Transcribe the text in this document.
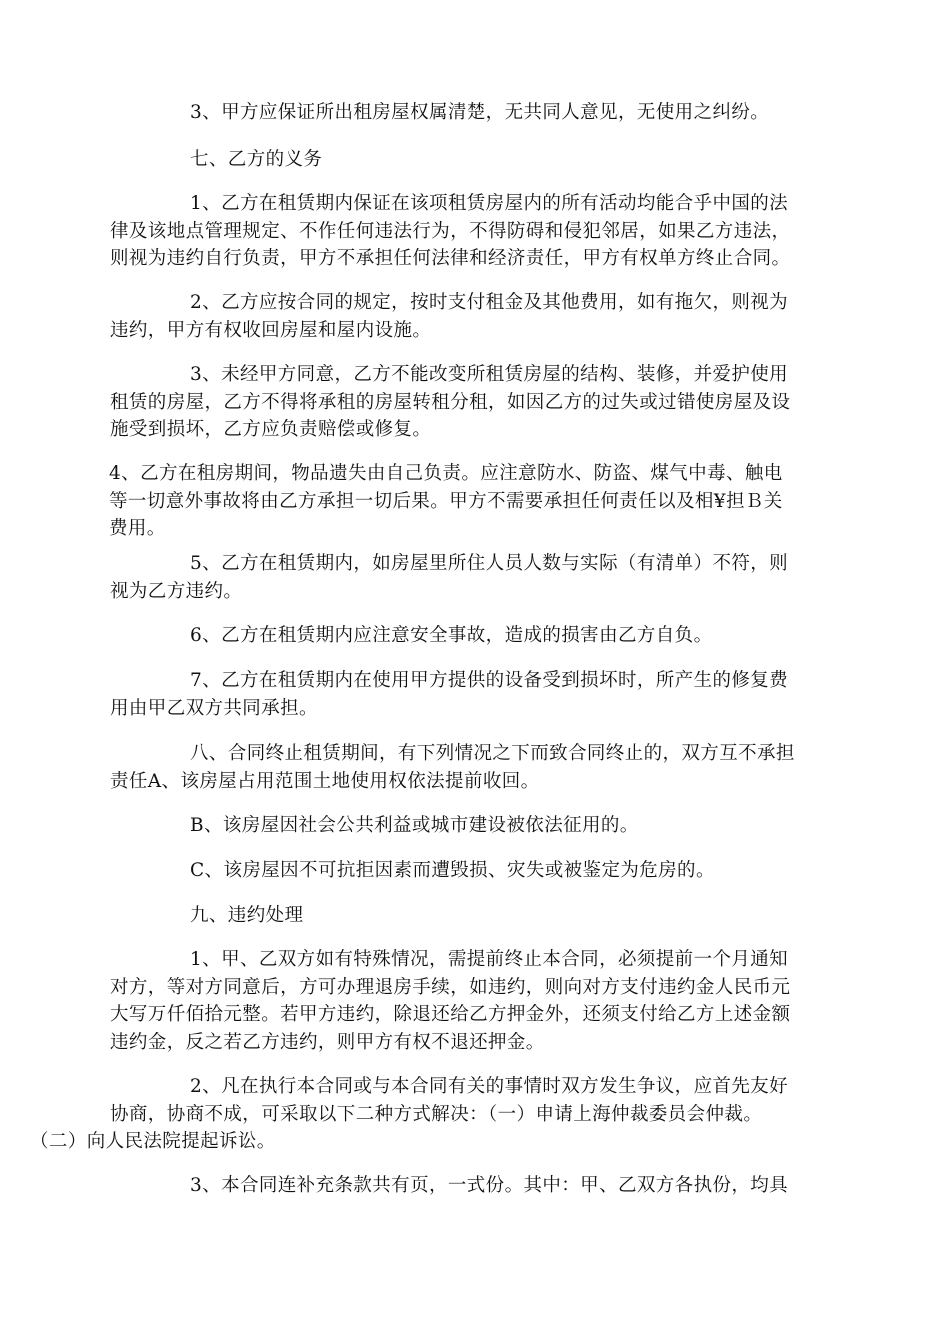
3、甲方应保证所出租房屋权属清楚，无共同人意见，无使用之纠纷。

七、乙方的义务

1、乙方在租赁期内保证在该项租赁房屋内的所有活动均能合乎中国的法
律及该地点管理规定、不作任何违法行为，不得防碍和侵犯邻居，如果乙方违法，
则视为违约自行负责，甲方不承担任何法律和经济责任，甲方有权单方终止合同。

2、乙方应按合同的规定，按时支付租金及其他费用，如有拖欠，则视为
违约，甲方有权收回房屋和屋内设施。

3、未经甲方同意，乙方不能改变所租赁房屋的结构、装修，并爱护使用
租赁的房屋，乙方不得将承租的房屋转租分租，如因乙方的过失或过错使房屋及设
施受到损坏，乙方应负责赔偿或修复。

4、乙方在租房期间，物品遗失由自己负责。应注意防水、防盗、煤气中毒、触电
等一切意外事故将由乙方承担一切后果。甲方不需要承担任何责任以及相¥担Ｂ关
费用。

5、乙方在租赁期内，如房屋里所住人员人数与实际（有清单）不符，则
视为乙方违约。

6、乙方在租赁期内应注意安全事故，造成的损害由乙方自负。

7、乙方在租赁期内在使用甲方提供的设备受到损坏时，所产生的修复费
用由甲乙双方共同承担。

八、合同终止租赁期间，有下列情况之下而致合同终止的，双方互不承担
责任A、该房屋占用范围土地使用权依法提前收回。

B、该房屋因社会公共利益或城市建设被依法征用的。

C、该房屋因不可抗拒因素而遭毁损、灾失或被鉴定为危房的。

九、违约处理

1、甲、乙双方如有特殊情况，需提前终止本合同，必须提前一个月通知
对方，等对方同意后，方可办理退房手续，如违约，则向对方支付违约金人民币元
大写万仟佰拾元整。若甲方违约，除退还给乙方押金外，还须支付给乙方上述金额
违约金，反之若乙方违约，则甲方有权不退还押金。

2、凡在执行本合同或与本合同有关的事情时双方发生争议，应首先友好
协商，协商不成，可采取以下二种方式解决：（一）申请上海仲裁委员会仲裁。
（二）向人民法院提起诉讼。

3、本合同连补充条款共有页，一式份。其中：甲、乙双方各执份，均具
